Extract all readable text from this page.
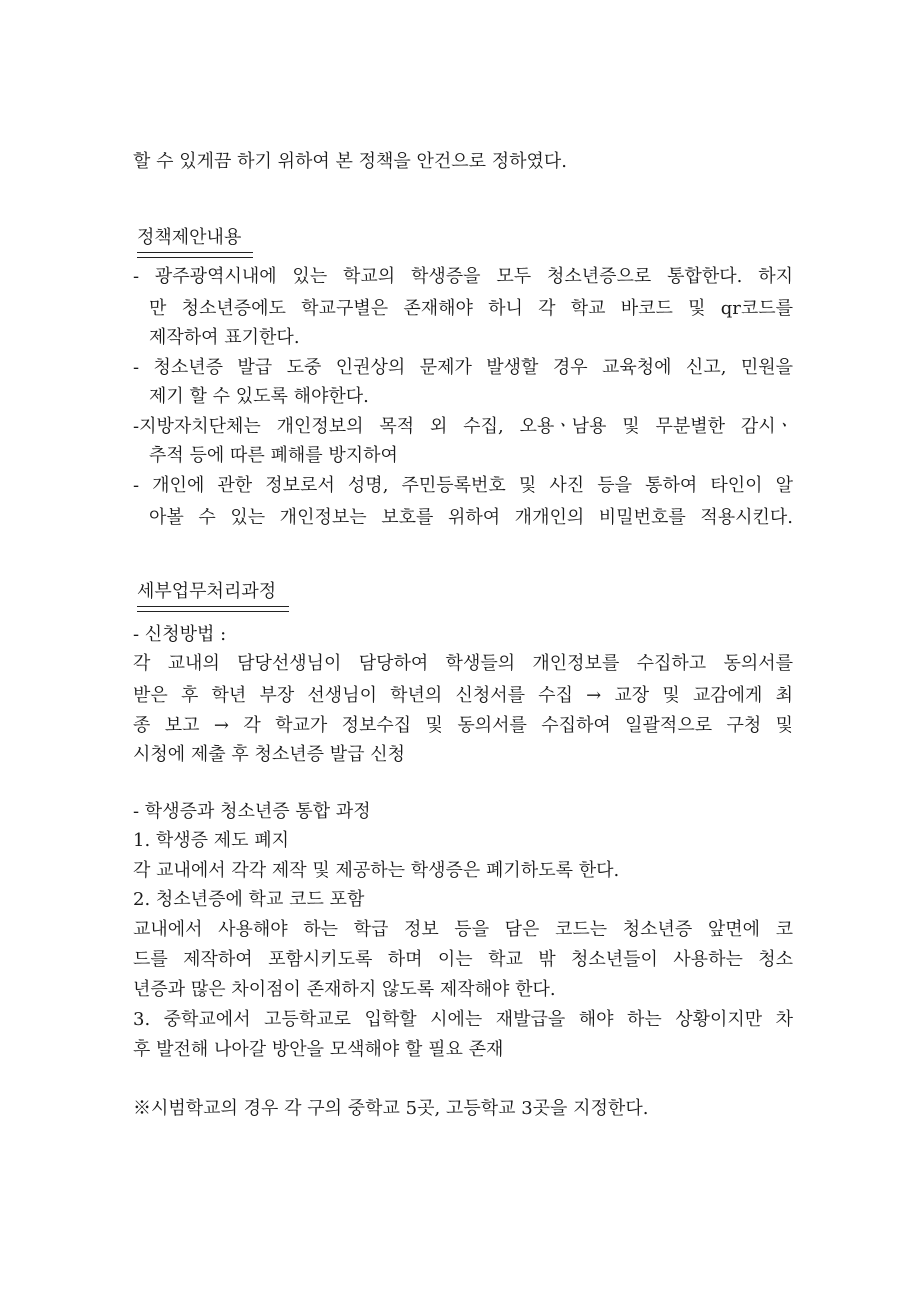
할 수 있게끔 하기 위하여 본 정책을 안건으로 정하였다.
정책제안내용
- 광주광역시내에 있는 학교의 학생증을 모두 청소년증으로 통합한다. 하지
만 청소년증에도 학교구별은 존재해야 하니 각 학교 바코드 및 qr코드를
제작하여 표기한다.
- 청소년증 발급 도중 인권상의 문제가 발생할 경우 교육청에 신고, 민원을
제기 할 수 있도록 해야한다.
-지방자치단체는 개인정보의 목적 외 수집, 오용ㆍ남용 및 무분별한 감시ㆍ
추적 등에 따른 폐해를 방지하여
- 개인에 관한 정보로서 성명, 주민등록번호 및 사진 등을 통하여 타인이 알
아볼 수 있는 개인정보는 보호를 위하여 개개인의 비밀번호를 적용시킨다.
세부업무처리과정
- 신청방법 :
각 교내의 담당선생님이 담당하여 학생들의 개인정보를 수집하고 동의서를
받은 후 학년 부장 선생님이 학년의 신청서를 수집 → 교장 및 교감에게 최
종 보고 → 각 학교가 정보수집 및 동의서를 수집하여 일괄적으로 구청 및
시청에 제출 후 청소년증 발급 신청
- 학생증과 청소년증 통합 과정
1. 학생증 제도 폐지
각 교내에서 각각 제작 및 제공하는 학생증은 폐기하도록 한다.
2. 청소년증에 학교 코드 포함
교내에서 사용해야 하는 학급 정보 등을 담은 코드는 청소년증 앞면에 코
드를 제작하여 포함시키도록 하며 이는 학교 밖 청소년들이 사용하는 청소
년증과 많은 차이점이 존재하지 않도록 제작해야 한다.
3. 중학교에서 고등학교로 입학할 시에는 재발급을 해야 하는 상황이지만 차
후 발전해 나아갈 방안을 모색해야 할 필요 존재
※시범학교의 경우 각 구의 중학교 5곳, 고등학교 3곳을 지정한다.
